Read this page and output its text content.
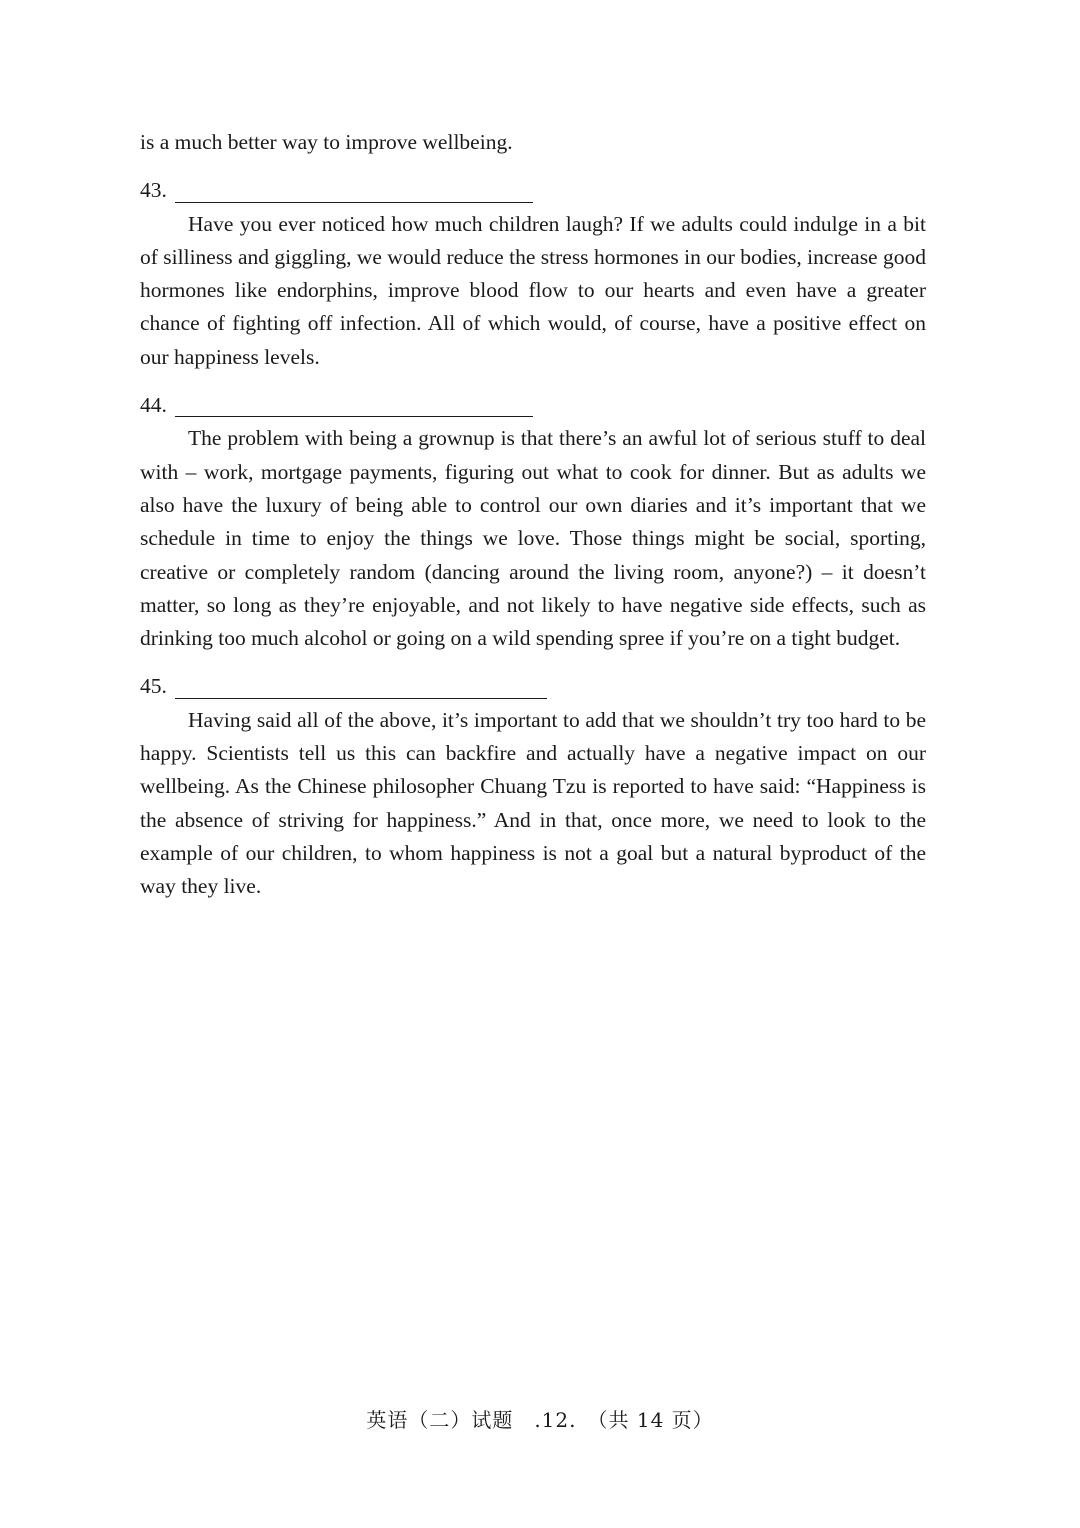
is a much better way to improve wellbeing.

43.

Have you ever noticed how much children laugh? If we adults could indulge in a bit of silliness and giggling, we would reduce the stress hormones in our bodies, increase good hormones like endorphins, improve blood flow to our hearts and even have a greater chance of fighting off infection. All of which would, of course, have a positive effect on our happiness levels.

44.

The problem with being a grownup is that there’s an awful lot of serious stuff to deal with – work, mortgage payments, figuring out what to cook for dinner. But as adults we also have the luxury of being able to control our own diaries and it’s important that we schedule in time to enjoy the things we love. Those things might be social, sporting, creative or completely random (dancing around the living room, anyone?) – it doesn’t matter, so long as they’re enjoyable, and not likely to have negative side effects, such as drinking too much alcohol or going on a wild spending spree if you’re on a tight budget.

45.

Having said all of the above, it’s important to add that we shouldn’t try too hard to be happy. Scientists tell us this can backfire and actually have a negative impact on our wellbeing. As the Chinese philosopher Chuang Tzu is reported to have said: “Happiness is the absence of striving for happiness.” And in that, once more, we need to look to the example of our children, to whom happiness is not a goal but a natural byproduct of the way they live.

英语（二）试题　.12.　（共 14 页）
